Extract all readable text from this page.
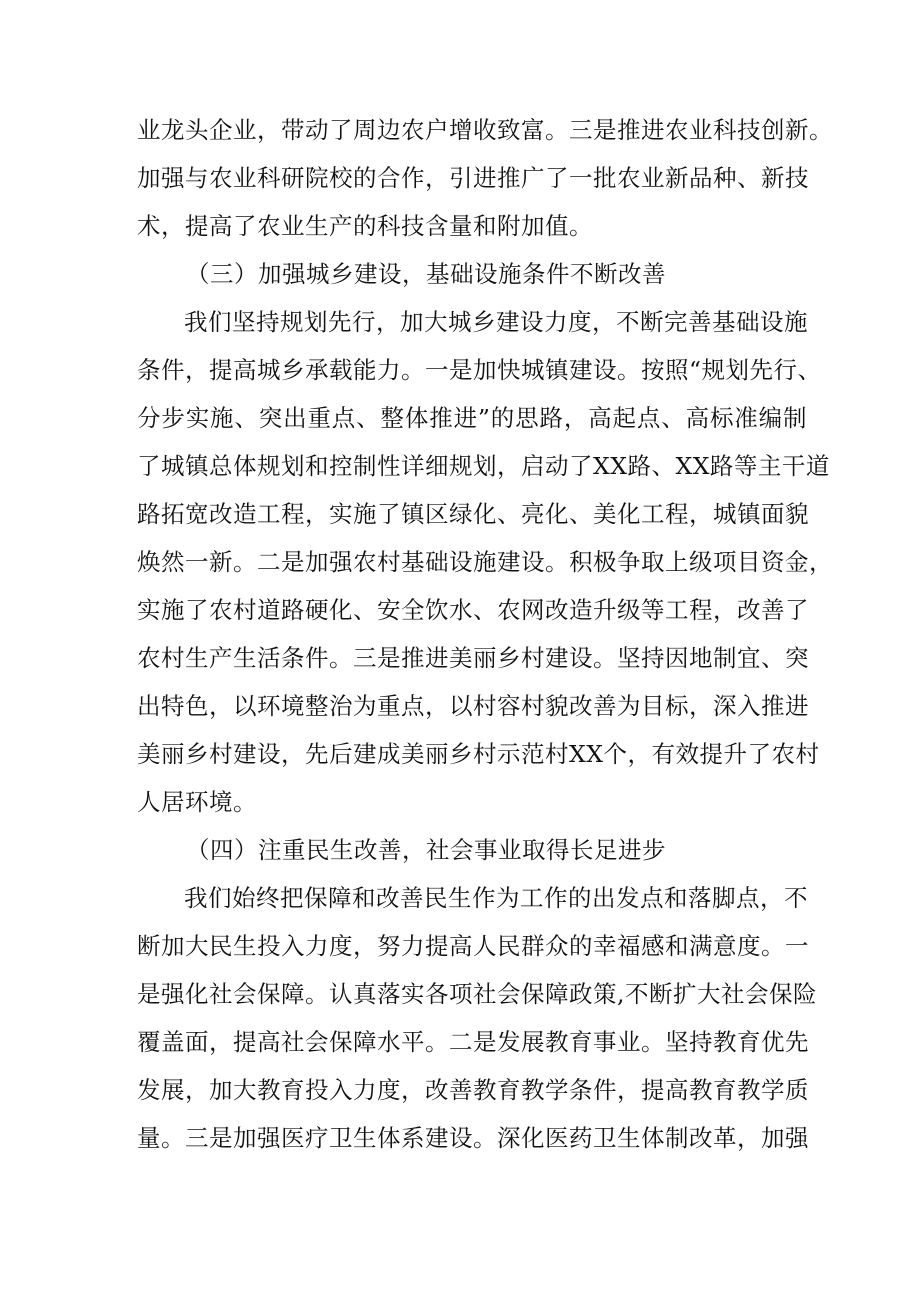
业龙头企业，带动了周边农户增收致富。三是推进农业科技创新。
加强与农业科研院校的合作，引进推广了一批农业新品种、新技
术，提高了农业生产的科技含量和附加值。
（三）加强城乡建设，基础设施条件不断改善
我们坚持规划先行，加大城乡建设力度，不断完善基础设施
条件，提高城乡承载能力。一是加快城镇建设。按照“规划先行、
分步实施、突出重点、整体推进”的思路，高起点、高标准编制
了城镇总体规划和控制性详细规划，启动了XX路、XX路等主干道
路拓宽改造工程，实施了镇区绿化、亮化、美化工程，城镇面貌
焕然一新。二是加强农村基础设施建设。积极争取上级项目资金，
实施了农村道路硬化、安全饮水、农网改造升级等工程，改善了
农村生产生活条件。三是推进美丽乡村建设。坚持因地制宜、突
出特色，以环境整治为重点，以村容村貌改善为目标，深入推进
美丽乡村建设，先后建成美丽乡村示范村XX个，有效提升了农村
人居环境。
（四）注重民生改善，社会事业取得长足进步
我们始终把保障和改善民生作为工作的出发点和落脚点，不
断加大民生投入力度，努力提高人民群众的幸福感和满意度。一
是强化社会保障。认真落实各项社会保障政策,不断扩大社会保险
覆盖面，提高社会保障水平。二是发展教育事业。坚持教育优先
发展，加大教育投入力度，改善教育教学条件，提高教育教学质
量。三是加强医疗卫生体系建设。深化医药卫生体制改革，加强
